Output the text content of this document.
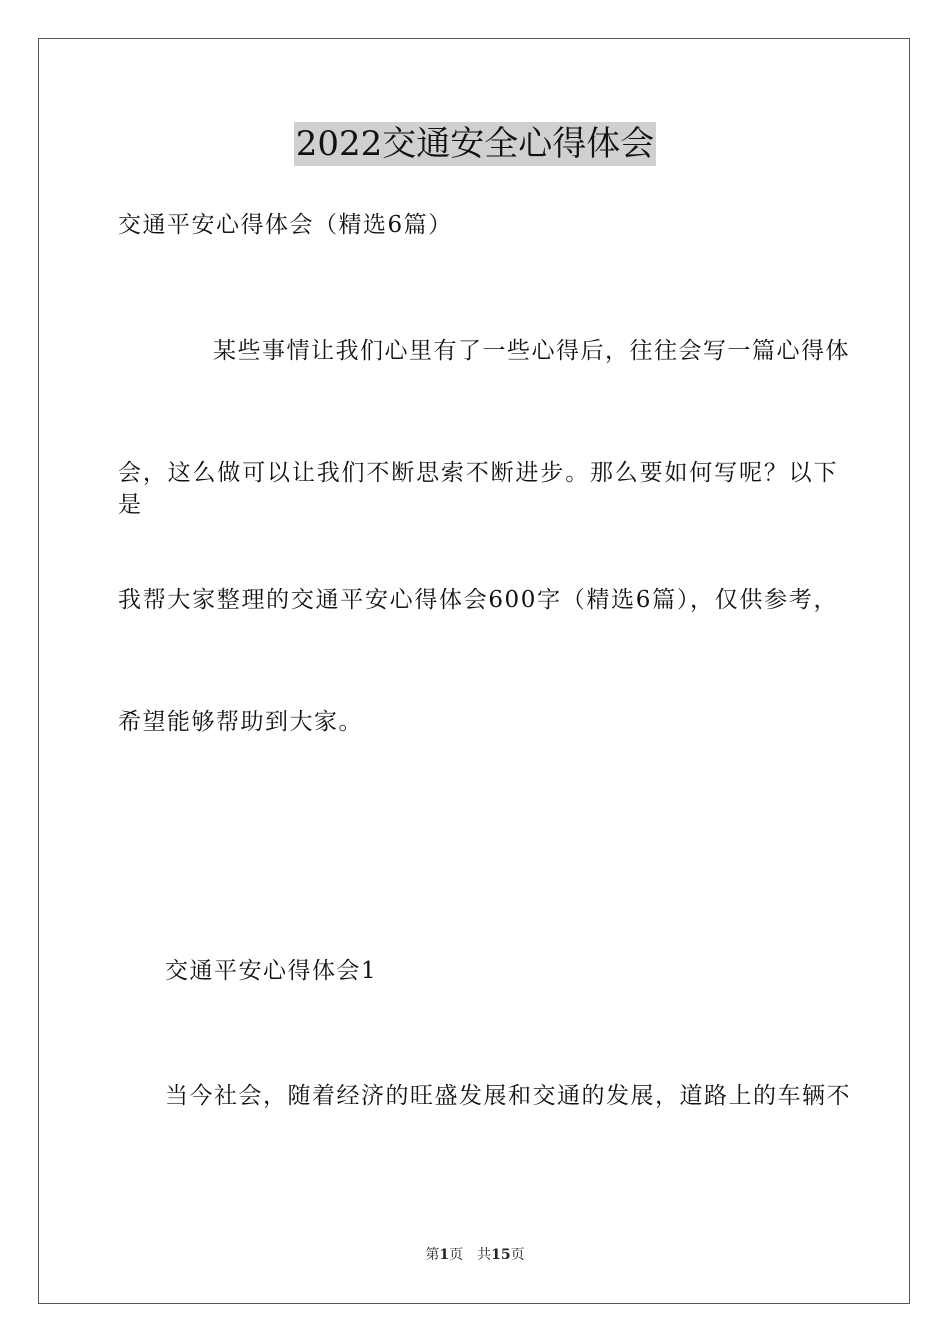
2022交通安全心得体会
交通平安心得体会（精选6篇）
某些事情让我们心里有了一些心得后，往往会写一篇心得体
会，这么做可以让我们不断思索不断进步。那么要如何写呢？以下是
我帮大家整理的交通平安心得体会600字（精选6篇），仅供参考，
希望能够帮助到大家。
交通平安心得体会1
当今社会，随着经济的旺盛发展和交通的发展，道路上的车辆不
第1页 共15页
